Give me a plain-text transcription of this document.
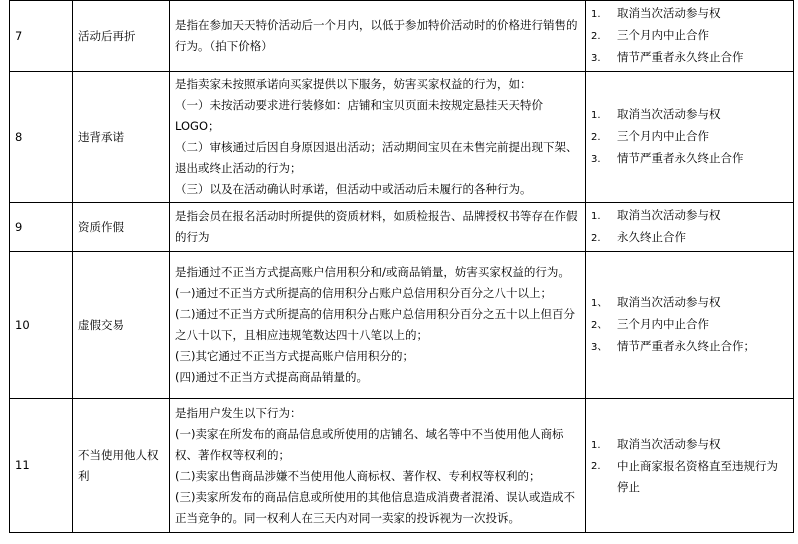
7	活动后再折	是指在参加天天特价活动后一个月内，以低于参加特价活动时的价格进行销售的行为。（拍下价格）	1. 取消当次活动参与权
2. 三个月内中止合作
3. 情节严重者永久终止合作

8	违背承诺	是指卖家未按照承诺向买家提供以下服务，妨害买家权益的行为，如：
（一）未按活动要求进行装修如：店铺和宝贝页面未按规定悬挂天天特价LOGO；
（二）审核通过后因自身原因退出活动；活动期间宝贝在未售完前提出现下架、退出或终止活动的行为；
（三）以及在活动确认时承诺，但活动中或活动后未履行的各种行为。	1. 取消当次活动参与权
2. 三个月内中止合作
3. 情节严重者永久终止合作

9	资质作假	是指会员在报名活动时所提供的资质材料，如质检报告、品牌授权书等存在作假的行为	1. 取消当次活动参与权
2. 永久终止合作

10	虚假交易	是指通过不正当方式提高账户信用积分和/或商品销量，妨害买家权益的行为。
(一)通过不正当方式所提高的信用积分占账户总信用积分百分之八十以上；
(二)通过不正当方式所提高的信用积分占账户总信用积分百分之五十以上但百分之八十以下，且相应违规笔数达四十八笔以上的；
(三)其它通过不正当方式提高账户信用积分的；
(四)通过不正当方式提高商品销量的。	1、 取消当次活动参与权
2、 三个月内中止合作
3、 情节严重者永久终止合作；

11	不当使用他人权利	是指用户发生以下行为：
(一)卖家在所发布的商品信息或所使用的店铺名、域名等中不当使用他人商标权、著作权等权利的；
(二)卖家出售商品涉嫌不当使用他人商标权、著作权、专利权等权利的；
(三)卖家所发布的商品信息或所使用的其他信息造成消费者混淆、误认或造成不正当竞争的。同一权利人在三天内对同一卖家的投诉视为一次投诉。	1. 取消当次活动参与权
2. 中止商家报名资格直至违规行为停止
